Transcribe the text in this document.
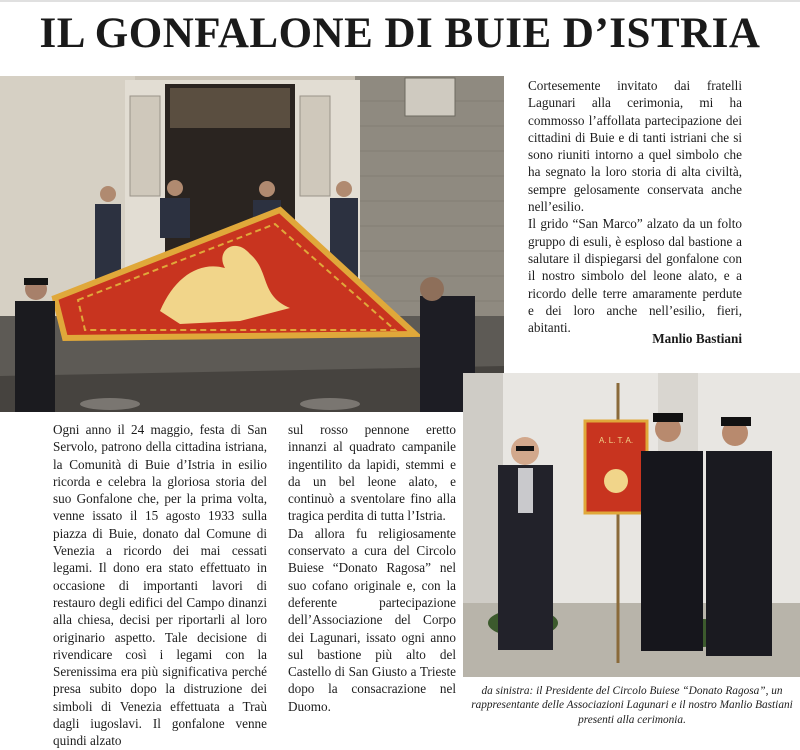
IL GONFALONE DI BUIE D’ISTRIA

Cortesemente invitato dai fratelli Lagunari alla cerimonia, mi ha commosso l’affollata partecipazione dei cittadini di Buie e di tanti istriani che si sono riuniti intorno a quel simbolo che ha segnato la loro storia di alta civiltà, sempre gelosamente conservata anche nell’esilio.

Il grido “San Marco” alzato da un folto gruppo di esuli, è esploso dal bastione a salutare il dispiegarsi del gonfalone con il nostro simbolo del leone alato, e a ricordo delle terre amaramente perdute e dei loro anche nell’esilio, fieri, abitanti.

Manlio Bastiani

Ogni anno il 24 maggio, festa di San Servolo, patrono della cittadina istriana, la Comunità di Buie d’Istria in esilio ricorda e celebra la gloriosa storia del suo Gonfalone che, per la prima volta, venne issato il 15 agosto 1933 sulla piazza di Buie, donato dal Comune di Venezia a ricordo dei mai cessati legami. Il dono era stato effettuato in occasione di importanti lavori di restauro degli edifici del Campo dinanzi alla chiesa, decisi per riportarli al loro originario aspetto. Tale decisione di rivendicare così i legami con la Serenissima era più significativa perché presa subito dopo la distruzione dei simboli di Venezia effettuata a Traù dagli iugoslavi. Il gonfalone venne quindi alzato

sul rosso pennone eretto innanzi al quadrato campanile ingentilito da lapidi, stemmi e da un bel leone alato, e continuò a sventolare fino alla tragica perdita di tutta l’Istria.

Da allora fu religiosamente conservato a cura del Circolo Buiese “Donato Ragosa” nel suo cofano originale e, con la deferente partecipazione dell’Associazione del Corpo dei Lagunari, issato ogni anno sul bastione più alto del Castello di San Giusto a Trieste dopo la consacrazione nel Duomo.

A. L. T. A.
da sinistra: il Presidente del Circolo Buiese “Donato Ragosa”, un rappresentante delle Associazioni Lagunari e il nostro Manlio Bastiani presenti alla cerimonia.
